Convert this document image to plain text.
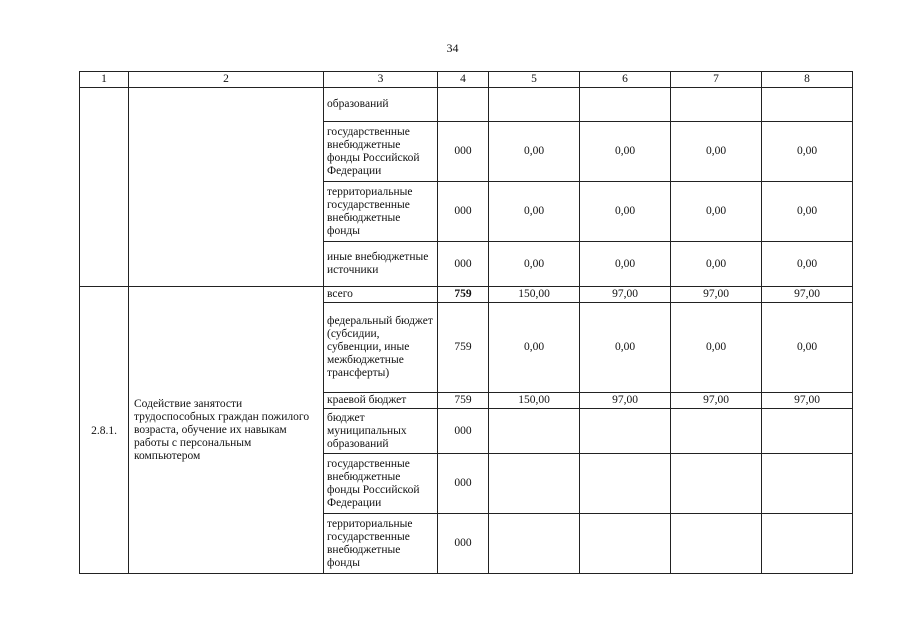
34
1	2	3	4	5	6	7	8
		образований					
		государственные внебюджетные фонды Российской Федерации	000	0,00	0,00	0,00	0,00
		территориальные государственные внебюджетные фонды	000	0,00	0,00	0,00	0,00
		иные внебюджетные источники	000	0,00	0,00	0,00	0,00
2.8.1.	Содействие занятости трудоспособных граждан пожилого возраста, обучение их навыкам работы с персональным компьютером	всего	759	150,00	97,00	97,00	97,00
		федеральный бюджет (субсидии, субвенции, иные межбюджетные трансферты)	759	0,00	0,00	0,00	0,00
		краевой бюджет	759	150,00	97,00	97,00	97,00
		бюджет муниципальных образований	000				
		государственные внебюджетные фонды Российской Федерации	000				
		территориальные государственные внебюджетные фонды	000				
